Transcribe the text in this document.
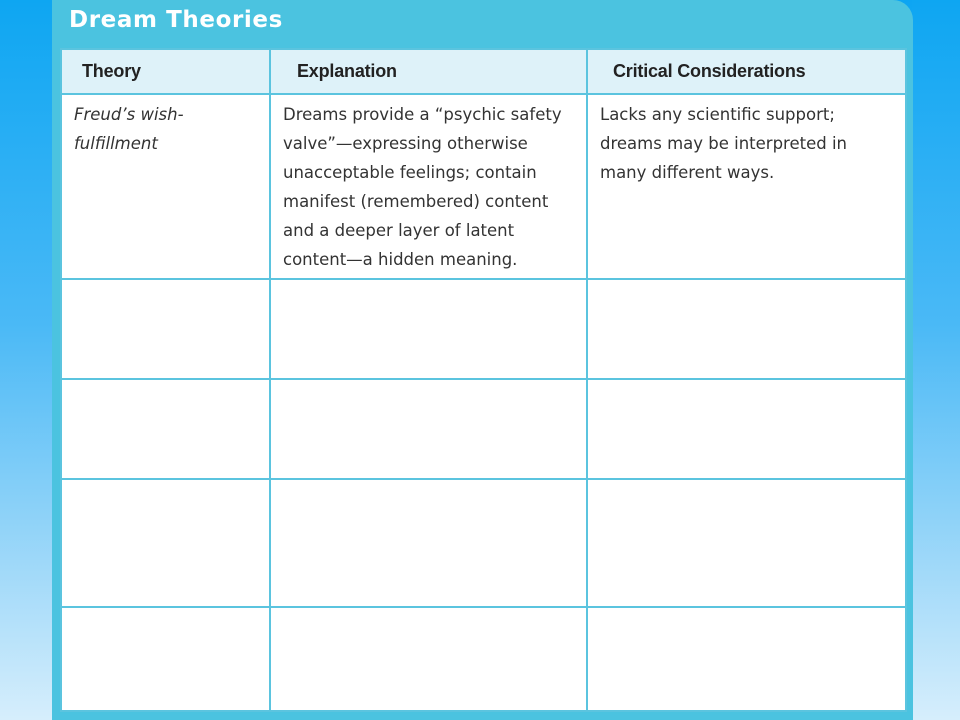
Dream Theories
Theory	Explanation	Critical Considerations
Freud’s wish-fulfillment	Dreams provide a “psychic safety valve”—expressing otherwise unacceptable feelings; contain manifest (remembered) content and a deeper layer of latent content—a hidden meaning.	Lacks any scientific support; dreams may be interpreted in many different ways.
